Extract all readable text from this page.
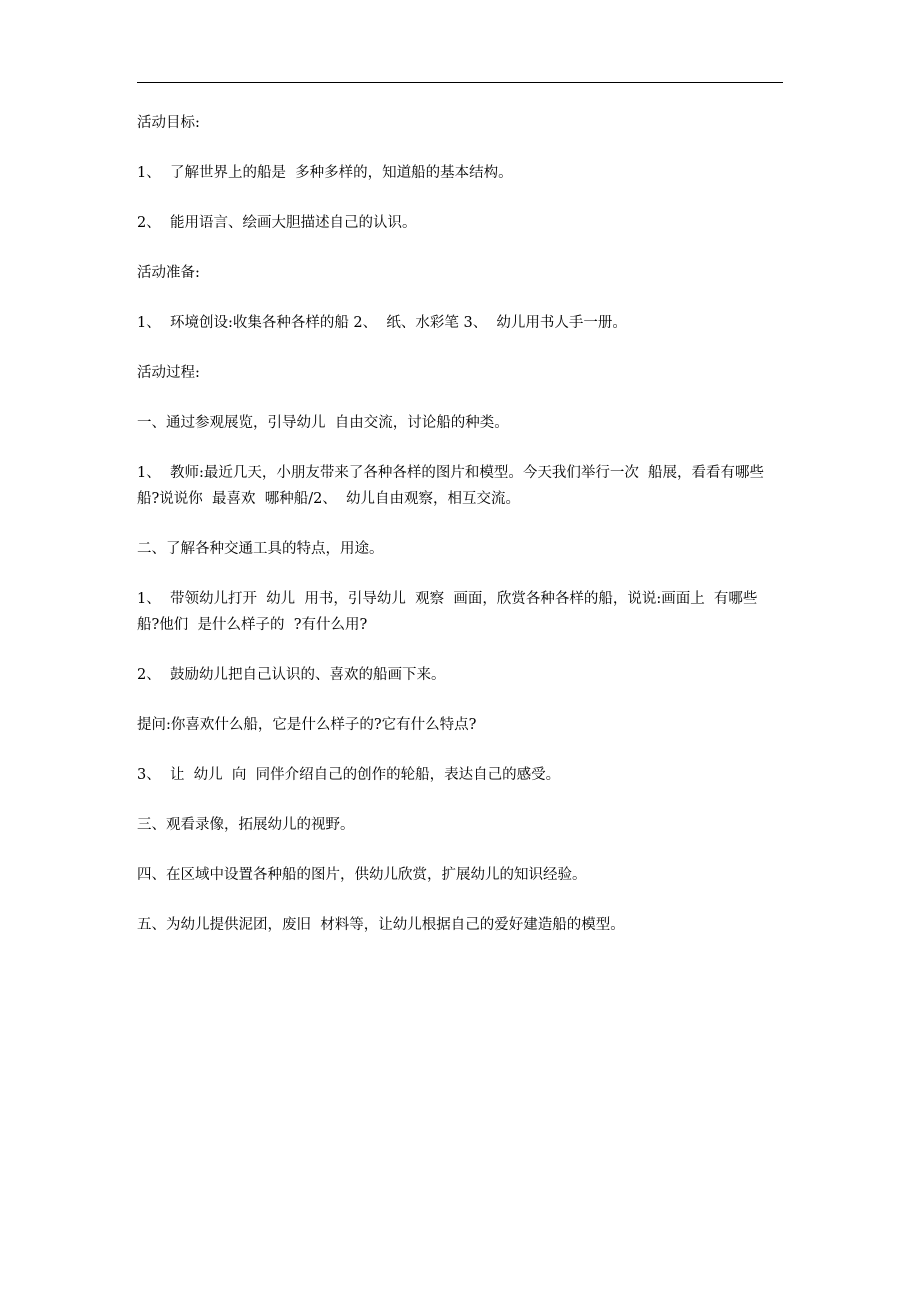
活动目标:

1、  了解世界上的船是  多种多样的，知道船的基本结构。

2、  能用语言、绘画大胆描述自己的认识。

活动准备:

1、  环境创设:收集各种各样的船 2、  纸、水彩笔 3、  幼儿用书人手一册。

活动过程:

一、通过参观展览，引导幼儿  自由交流，讨论船的种类。

1、  教师:最近几天，小朋友带来了各种各样的图片和模型。今天我们举行一次  船展，看看有哪些船?说说你  最喜欢  哪种船/2、  幼儿自由观察，相互交流。

二、了解各种交通工具的特点，用途。

1、  带领幼儿打开  幼儿  用书，引导幼儿  观察  画面，欣赏各种各样的船，说说:画面上  有哪些  船?他们  是什么样子的  ?有什么用?

2、  鼓励幼儿把自己认识的、喜欢的船画下来。

提问:你喜欢什么船，它是什么样子的?它有什么特点?

3、  让  幼儿  向  同伴介绍自己的创作的轮船，表达自己的感受。

三、观看录像，拓展幼儿的视野。

四、在区域中设置各种船的图片，供幼儿欣赏，扩展幼儿的知识经验。

五、为幼儿提供泥团，废旧  材料等，让幼儿根据自己的爱好建造船的模型。
